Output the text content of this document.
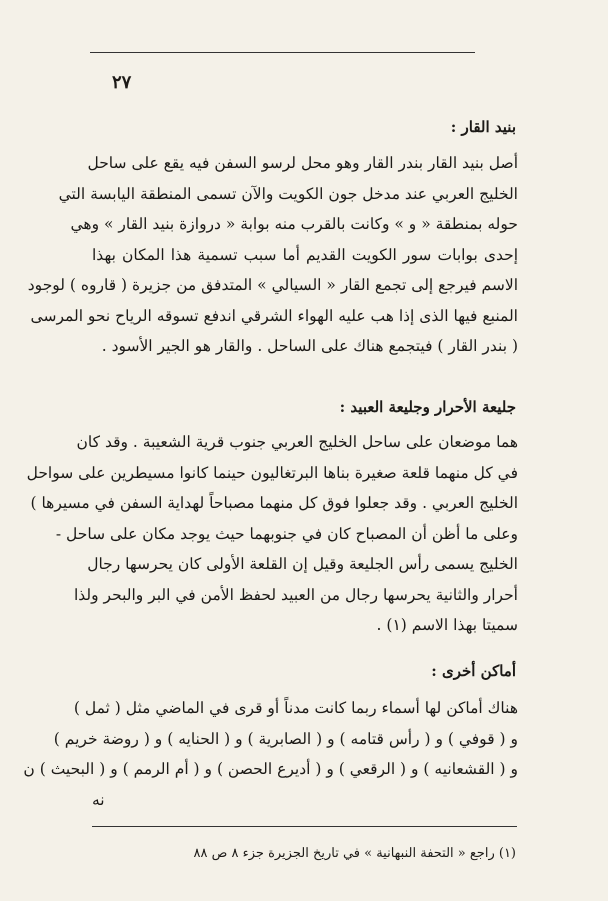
٢٧
بنيد القار :
أصل بنيد القار بندر القار وهو محل لرسو السفن فيه يقع على ساحل
الخليج العربي عند مدخل جون الكويت والآن تسمى المنطقة اليابسة التي
حوله بمنطقة « و » وكانت بالقرب منه بوابة « دروازة بنيد القار » وهي
إحدى بوابات سور الكويت القديم أما سبب تسمية هذا المكان بهذا
الاسم فيرجع إلى تجمع القار « السيالي » المتدفق من جزيرة ( قاروه ) لوجود
المنبع فيها الذى إذا هب عليه الهواء الشرقي اندفع تسوقه الرياح نحو المرسى
( بندر القار ) فيتجمع هناك على الساحل . والقار هو الجير الأسود .
جليعة الأحرار وجليعة العبيد :
هما موضعان على ساحل الخليج العربي جنوب قرية الشعيبة . وقد كان
في كل منهما قلعة صغيرة بناها البرتغاليون حينما كانوا مسيطرين على سواحل
الخليج العربي . وقد جعلوا فوق كل منهما مصباحاً لهداية السفن في مسيرها )
وعلى ما أظن أن المصباح كان في جنوبهما حيث يوجد مكان على ساحل -
الخليج يسمى رأس الجليعة وقيل إن القلعة الأولى كان يحرسها رجال
أحرار والثانية يحرسها رجال من العبيد لحفظ الأمن في البر والبحر ولذا
سميتا بهذا الاسم (١) .
أماكن أخرى :
هناك أماكن لها أسماء ربما كانت مدناً أو قرى في الماضي مثل ( ثمل )
و ( قوفي ) و ( رأس قتامه ) و ( الصابرية ) و ( الحنايه ) و ( روضة خريم )
و ( القشعانيه ) و ( الرقعي ) و ( أديرع الحصن ) و ( أم الرمم ) و ( البحيث ) ن
نه
(١) راجع « التحفة النبهانية » في تاريخ الجزيرة جزء ٨ ص ٨٨
